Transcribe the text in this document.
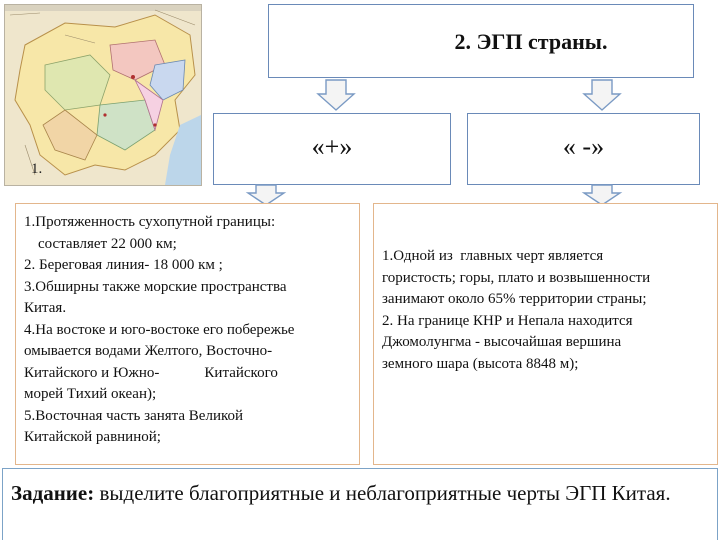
1.
2. ЭГП страны.
«+»	« -»
1.Протяженность сухопутной границы:
составляет 22 000 км;
2. Береговая линия- 18 000 км ;
3.Обширны также морские пространства
Китая.
4.На востоке и юго-востоке его побережье
омывается водами Желтого, Восточно-
Китайского и Южно-            Китайского
морей Тихий океан);
5.Восточная часть занята Великой
Китайской равниной;
1.Одной из  главных черт является
гористость; горы, плато и возвышенности
занимают около 65% территории страны;
2. На границе КНР и Непала находится
Джомолунгма - высочайшая вершина
земного шара (высота 8848 м);
Задание: выделите благоприятные и неблагоприятные черты ЭГП Китая.
